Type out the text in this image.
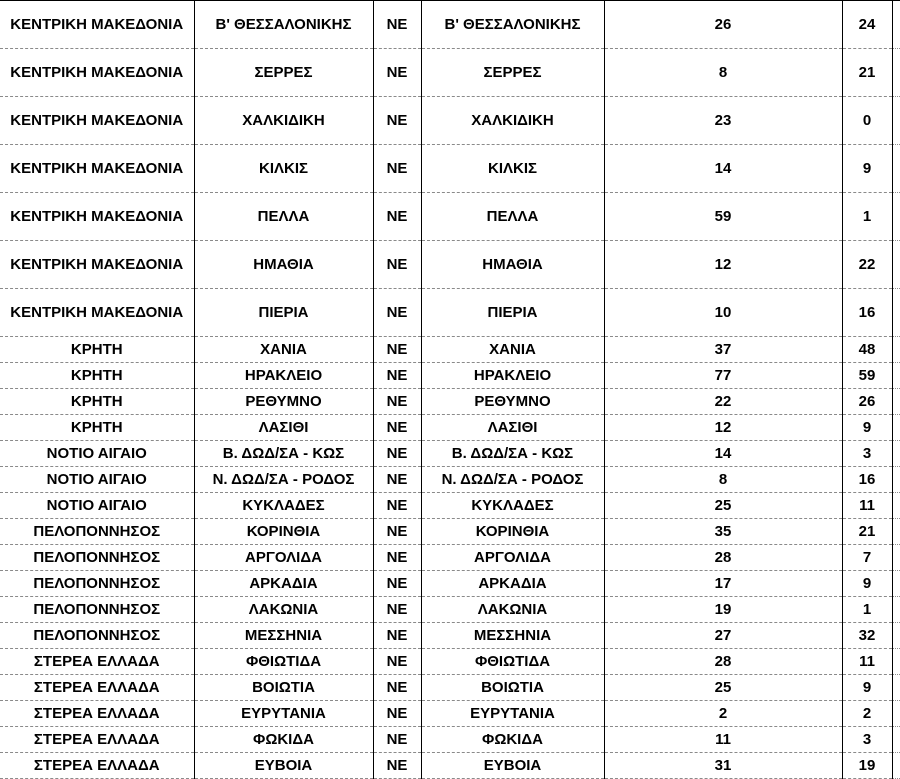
ΚΕΝΤΡΙΚΗ ΜΑΚΕΔΟΝΙΑ	Β' ΘΕΣΣΑΛΟΝΙΚΗΣ	ΝΕ	Β' ΘΕΣΣΑΛΟΝΙΚΗΣ	26	24	
ΚΕΝΤΡΙΚΗ ΜΑΚΕΔΟΝΙΑ	ΣΕΡΡΕΣ	ΝΕ	ΣΕΡΡΕΣ	8	21	
ΚΕΝΤΡΙΚΗ ΜΑΚΕΔΟΝΙΑ	ΧΑΛΚΙΔΙΚΗ	ΝΕ	ΧΑΛΚΙΔΙΚΗ	23	0	
ΚΕΝΤΡΙΚΗ ΜΑΚΕΔΟΝΙΑ	ΚΙΛΚΙΣ	ΝΕ	ΚΙΛΚΙΣ	14	9	
ΚΕΝΤΡΙΚΗ ΜΑΚΕΔΟΝΙΑ	ΠΕΛΛΑ	ΝΕ	ΠΕΛΛΑ	59	1	
ΚΕΝΤΡΙΚΗ ΜΑΚΕΔΟΝΙΑ	ΗΜΑΘΙΑ	ΝΕ	ΗΜΑΘΙΑ	12	22	
ΚΕΝΤΡΙΚΗ ΜΑΚΕΔΟΝΙΑ	ΠΙΕΡΙΑ	ΝΕ	ΠΙΕΡΙΑ	10	16	
ΚΡΗΤΗ	ΧΑΝΙΑ	ΝΕ	ΧΑΝΙΑ	37	48	
ΚΡΗΤΗ	ΗΡΑΚΛΕΙΟ	ΝΕ	ΗΡΑΚΛΕΙΟ	77	59	
ΚΡΗΤΗ	ΡΕΘΥΜΝΟ	ΝΕ	ΡΕΘΥΜΝΟ	22	26	
ΚΡΗΤΗ	ΛΑΣΙΘΙ	ΝΕ	ΛΑΣΙΘΙ	12	9	
ΝΟΤΙΟ ΑΙΓΑΙΟ	Β. ΔΩΔ/ΣΑ - ΚΩΣ	ΝΕ	Β. ΔΩΔ/ΣΑ - ΚΩΣ	14	3	
ΝΟΤΙΟ ΑΙΓΑΙΟ	Ν. ΔΩΔ/ΣΑ - ΡΟΔΟΣ	ΝΕ	Ν. ΔΩΔ/ΣΑ - ΡΟΔΟΣ	8	16	
ΝΟΤΙΟ ΑΙΓΑΙΟ	ΚΥΚΛΑΔΕΣ	ΝΕ	ΚΥΚΛΑΔΕΣ	25	11	
ΠΕΛΟΠΟΝΝΗΣΟΣ	ΚΟΡΙΝΘΙΑ	ΝΕ	ΚΟΡΙΝΘΙΑ	35	21	
ΠΕΛΟΠΟΝΝΗΣΟΣ	ΑΡΓΟΛΙΔΑ	ΝΕ	ΑΡΓΟΛΙΔΑ	28	7	
ΠΕΛΟΠΟΝΝΗΣΟΣ	ΑΡΚΑΔΙΑ	ΝΕ	ΑΡΚΑΔΙΑ	17	9	
ΠΕΛΟΠΟΝΝΗΣΟΣ	ΛΑΚΩΝΙΑ	ΝΕ	ΛΑΚΩΝΙΑ	19	1	
ΠΕΛΟΠΟΝΝΗΣΟΣ	ΜΕΣΣΗΝΙΑ	ΝΕ	ΜΕΣΣΗΝΙΑ	27	32	
ΣΤΕΡΕΑ ΕΛΛΑΔΑ	ΦΘΙΩΤΙΔΑ	ΝΕ	ΦΘΙΩΤΙΔΑ	28	11	
ΣΤΕΡΕΑ ΕΛΛΑΔΑ	ΒΟΙΩΤΙΑ	ΝΕ	ΒΟΙΩΤΙΑ	25	9	
ΣΤΕΡΕΑ ΕΛΛΑΔΑ	ΕΥΡΥΤΑΝΙΑ	ΝΕ	ΕΥΡΥΤΑΝΙΑ	2	2	
ΣΤΕΡΕΑ ΕΛΛΑΔΑ	ΦΩΚΙΔΑ	ΝΕ	ΦΩΚΙΔΑ	11	3	
ΣΤΕΡΕΑ ΕΛΛΑΔΑ	ΕΥΒΟΙΑ	ΝΕ	ΕΥΒΟΙΑ	31	19	
